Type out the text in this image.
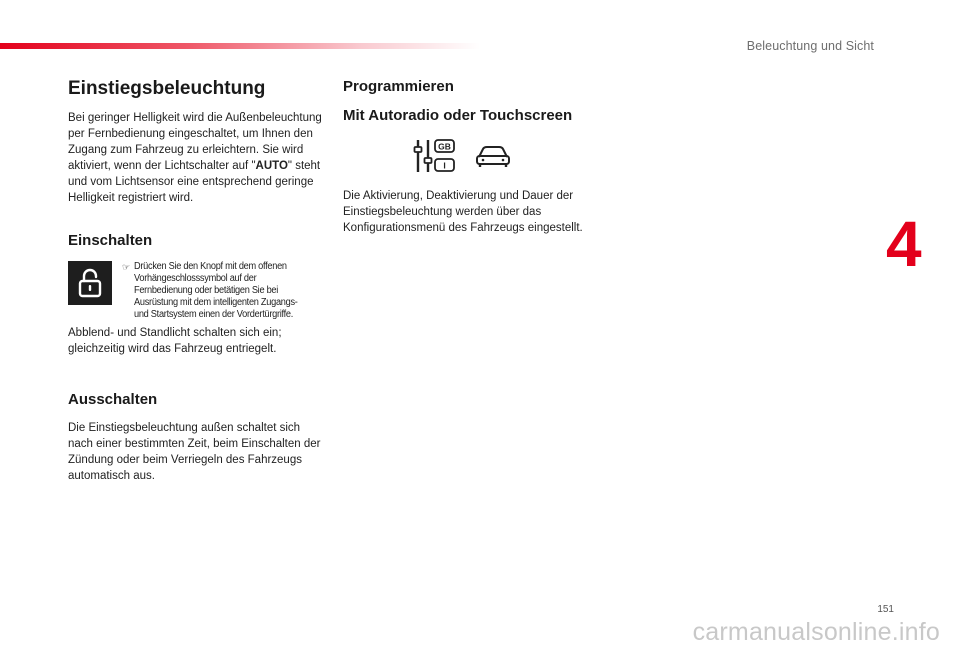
Beleuchtung und Sicht
4
Einstiegsbeleuchtung

Bei geringer Helligkeit wird die Außenbeleuchtung per Fernbedienung eingeschaltet, um Ihnen den Zugang zum Fahrzeug zu erleichtern. Sie wird aktiviert, wenn der Lichtschalter auf "AUTO" steht und vom Lichtsensor eine entsprechend geringe Helligkeit registriert wird.

Einschalten
☞ Drücken Sie den Knopf mit dem offenen Vorhängeschlosssymbol auf der Fernbedienung oder betätigen Sie bei Ausrüstung mit dem intelligenten Zugangs- und Startsystem einen der Vordertürgriffe.

Abblend- und Standlicht schalten sich ein; gleichzeitig wird das Fahrzeug entriegelt.

Ausschalten

Die Einstiegsbeleuchtung außen schaltet sich nach einer bestimmten Zeit, beim Einschalten der Zündung oder beim Verriegeln des Fahrzeugs automatisch aus.

Programmieren
Mit Autoradio oder Touchscreen
GB
I

Die Aktivierung, Deaktivierung und Dauer der Einstiegsbeleuchtung werden über das Konfigurationsmenü des Fahrzeugs eingestellt.

151
carmanualsonline.info
